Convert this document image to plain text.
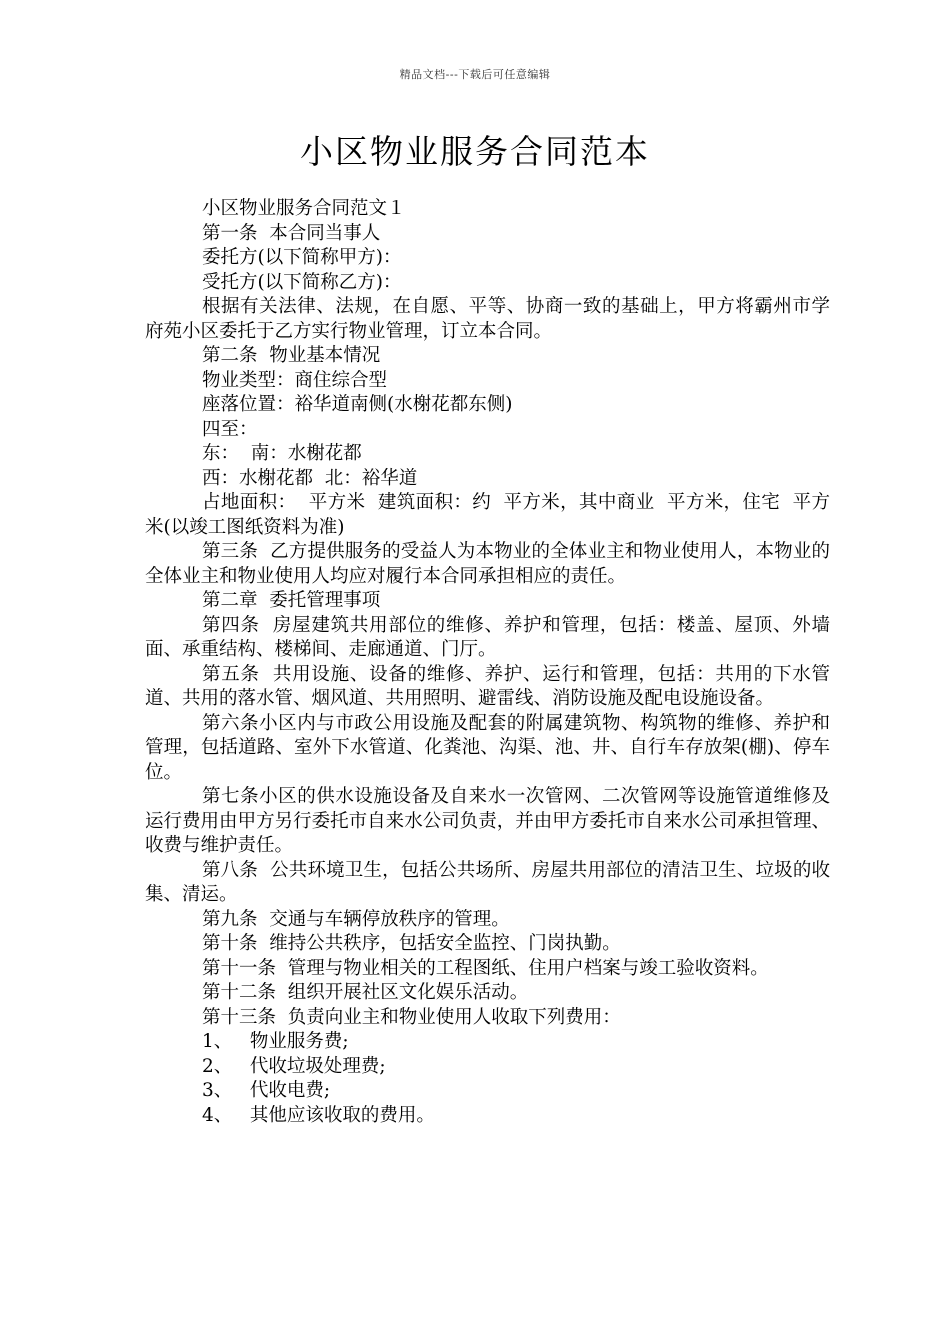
精品文档---下载后可任意编辑
小区物业服务合同范本

小区物业服务合同范文１

第一条  本合同当事人

委托方(以下简称甲方)：

受托方(以下简称乙方)：

根据有关法律、法规，在自愿、平等、协商一致的基础上，甲方将霸州市学府苑小区委托于乙方实行物业管理，订立本合同。

第二条  物业基本情况

物业类型：商住综合型

座落位置：裕华道南侧(水榭花都东侧)

四至：

东：  南：水榭花都

西：水榭花都  北：裕华道

占地面积：  平方米  建筑面积：约  平方米，其中商业  平方米，住宅  平方米(以竣工图纸资料为准)

第三条  乙方提供服务的受益人为本物业的全体业主和物业使用人，本物业的全体业主和物业使用人均应对履行本合同承担相应的责任。

第二章  委托管理事项

第四条  房屋建筑共用部位的维修、养护和管理，包括：楼盖、屋顶、外墙面、承重结构、楼梯间、走廊通道、门厅。

第五条  共用设施、设备的维修、养护、运行和管理，包括：共用的下水管道、共用的落水管、烟风道、共用照明、避雷线、消防设施及配电设施设备。

第六条小区内与市政公用设施及配套的附属建筑物、构筑物的维修、养护和管理，包括道路、室外下水管道、化粪池、沟渠、池、井、自行车存放架(棚)、停车位。

第七条小区的供水设施设备及自来水一次管网、二次管网等设施管道维修及运行费用由甲方另行委托市自来水公司负责，并由甲方委托市自来水公司承担管理、收费与维护责任。

第八条  公共环境卫生，包括公共场所、房屋共用部位的清洁卫生、垃圾的收集、清运。

第九条  交通与车辆停放秩序的管理。

第十条  维持公共秩序，包括安全监控、门岗执勤。

第十一条  管理与物业相关的工程图纸、住用户档案与竣工验收资料。

第十二条  组织开展社区文化娱乐活动。

第十三条  负责向业主和物业使用人收取下列费用：

1、   物业服务费;

2、   代收垃圾处理费;

3、   代收电费;

4、   其他应该收取的费用。
